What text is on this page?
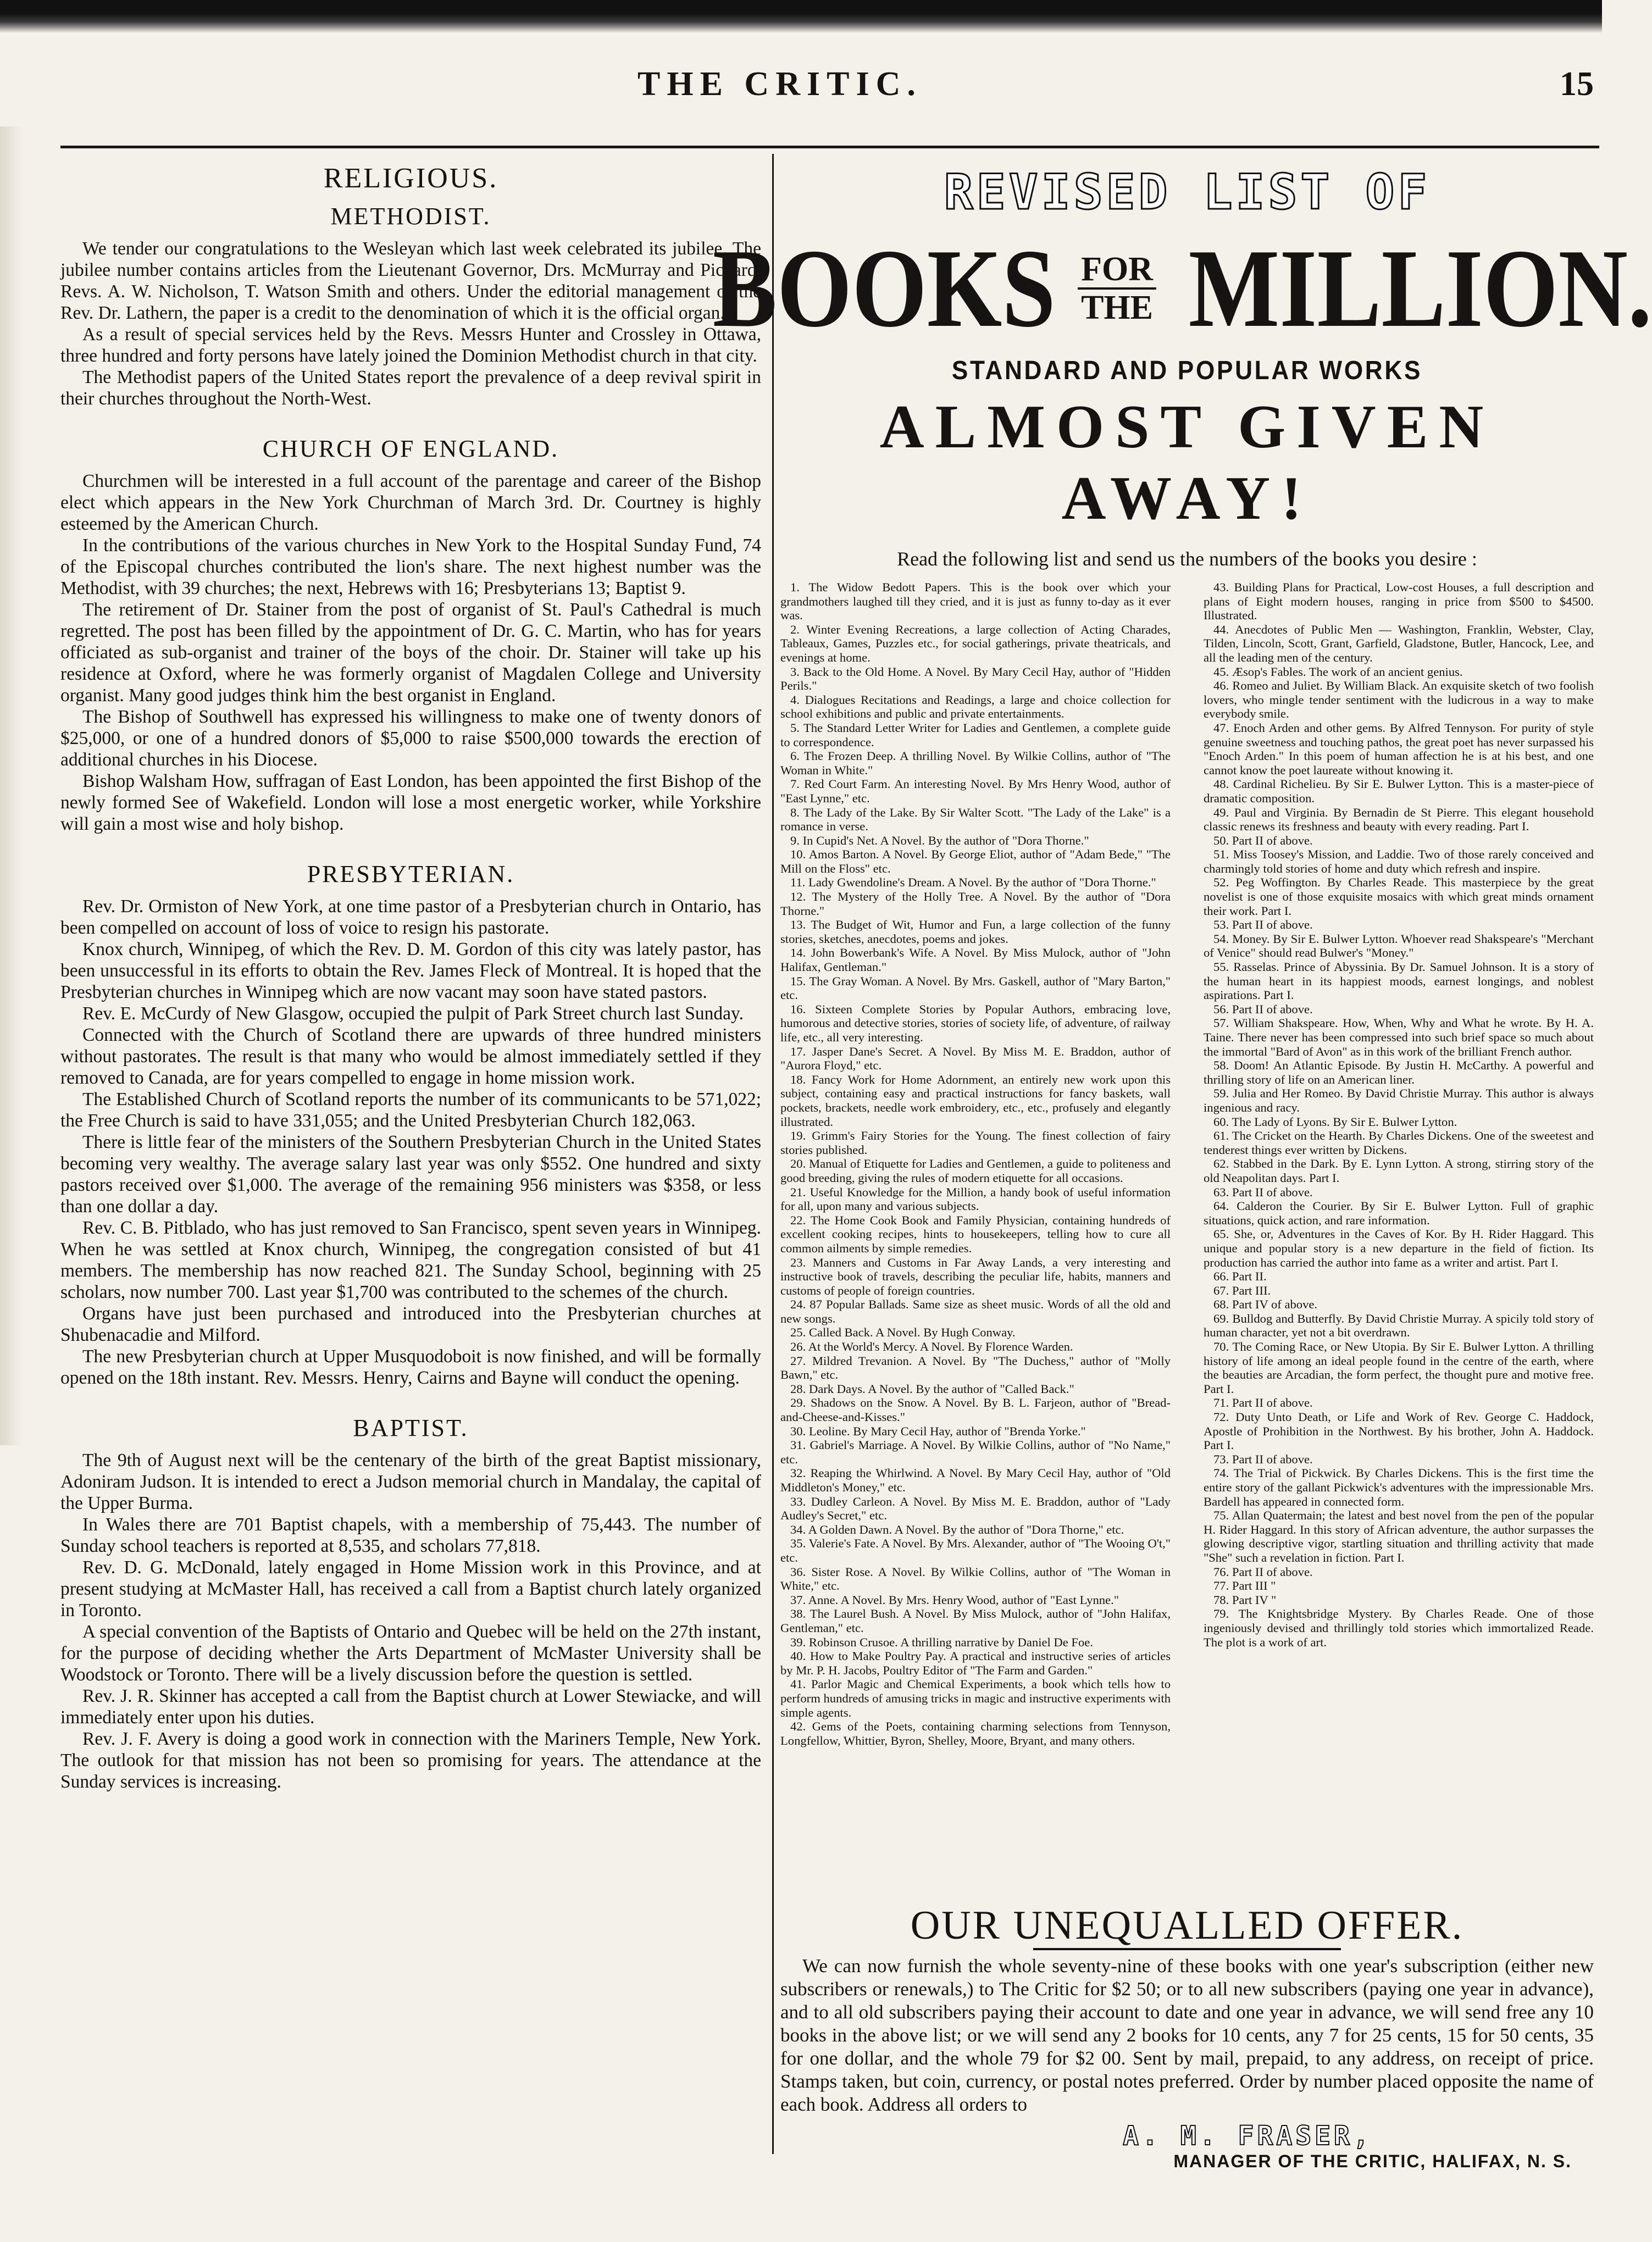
THE CRITIC.	15
RELIGIOUS.
METHODIST.

We tender our congratulations to the Wesleyan which last week celebrated its jubilee. The jubilee number contains articles from the Lieutenant Governor, Drs. McMurray and Pickard, Revs. A. W. Nicholson, T. Watson Smith and others. Under the editorial management of the Rev. Dr. Lathern, the paper is a credit to the denomination of which it is the official organ.

As a result of special services held by the Revs. Messrs Hunter and Crossley in Ottawa, three hundred and forty persons have lately joined the Dominion Methodist church in that city.

The Methodist papers of the United States report the prevalence of a deep revival spirit in their churches throughout the North-West.

CHURCH OF ENGLAND.

Churchmen will be interested in a full account of the parentage and career of the Bishop elect which appears in the New York Churchman of March 3rd. Dr. Courtney is highly esteemed by the American Church.

In the contributions of the various churches in New York to the Hospital Sunday Fund, 74 of the Episcopal churches contributed the lion's share. The next highest number was the Methodist, with 39 churches; the next, Hebrews with 16; Presbyterians 13; Baptist 9.

The retirement of Dr. Stainer from the post of organist of St. Paul's Cathedral is much regretted. The post has been filled by the appointment of Dr. G. C. Martin, who has for years officiated as sub-organist and trainer of the boys of the choir. Dr. Stainer will take up his residence at Oxford, where he was formerly organist of Magdalen College and University organist. Many good judges think him the best organist in England.

The Bishop of Southwell has expressed his willingness to make one of twenty donors of $25,000, or one of a hundred donors of $5,000 to raise $500,000 towards the erection of additional churches in his Diocese.

Bishop Walsham How, suffragan of East London, has been appointed the first Bishop of the newly formed See of Wakefield. London will lose a most energetic worker, while Yorkshire will gain a most wise and holy bishop.

PRESBYTERIAN.

Rev. Dr. Ormiston of New York, at one time pastor of a Presbyterian church in Ontario, has been compelled on account of loss of voice to resign his pastorate.

Knox church, Winnipeg, of which the Rev. D. M. Gordon of this city was lately pastor, has been unsuccessful in its efforts to obtain the Rev. James Fleck of Montreal. It is hoped that the Presbyterian churches in Winnipeg which are now vacant may soon have stated pastors.

Rev. E. McCurdy of New Glasgow, occupied the pulpit of Park Street church last Sunday.

Connected with the Church of Scotland there are upwards of three hundred ministers without pastorates. The result is that many who would be almost immediately settled if they removed to Canada, are for years compelled to engage in home mission work.

The Established Church of Scotland reports the number of its communicants to be 571,022; the Free Church is said to have 331,055; and the United Presbyterian Church 182,063.

There is little fear of the ministers of the Southern Presbyterian Church in the United States becoming very wealthy. The average salary last year was only $552. One hundred and sixty pastors received over $1,000. The average of the remaining 956 ministers was $358, or less than one dollar a day.

Rev. C. B. Pitblado, who has just removed to San Francisco, spent seven years in Winnipeg. When he was settled at Knox church, Winnipeg, the congregation consisted of but 41 members. The membership has now reached 821. The Sunday School, beginning with 25 scholars, now number 700. Last year $1,700 was contributed to the schemes of the church.

Organs have just been purchased and introduced into the Presbyterian churches at Shubenacadie and Milford.

The new Presbyterian church at Upper Musquodoboit is now finished, and will be formally opened on the 18th instant. Rev. Messrs. Henry, Cairns and Bayne will conduct the opening.

BAPTIST.

The 9th of August next will be the centenary of the birth of the great Baptist missionary, Adoniram Judson. It is intended to erect a Judson memorial church in Mandalay, the capital of the Upper Burma.

In Wales there are 701 Baptist chapels, with a membership of 75,443. The number of Sunday school teachers is reported at 8,535, and scholars 77,818.

Rev. D. G. McDonald, lately engaged in Home Mission work in this Province, and at present studying at McMaster Hall, has received a call from a Baptist church lately organized in Toronto.

A special convention of the Baptists of Ontario and Quebec will be held on the 27th instant, for the purpose of deciding whether the Arts Department of McMaster University shall be Woodstock or Toronto. There will be a lively discussion before the question is settled.

Rev. J. R. Skinner has accepted a call from the Baptist church at Lower Stewiacke, and will immediately enter upon his duties.

Rev. J. F. Avery is doing a good work in connection with the Mariners Temple, New York. The outlook for that mission has not been so promising for years. The attendance at the Sunday services is increasing.

REVISED LIST OF
BOOKS FOR
THE MILLION.
STANDARD AND POPULAR WORKS
ALMOST GIVEN AWAY!
Read the following list and send us the numbers of the books you desire :

1. The Widow Bedott Papers. This is the book over which your grandmothers laughed till they cried, and it is just as funny to-day as it ever was.

2. Winter Evening Recreations, a large collection of Acting Charades, Tableaux, Games, Puzzles etc., for social gatherings, private theatricals, and evenings at home.

3. Back to the Old Home. A Novel. By Mary Cecil Hay, author of "Hidden Perils."

4. Dialogues Recitations and Readings, a large and choice collection for school exhibitions and public and private entertainments.

5. The Standard Letter Writer for Ladies and Gentlemen, a complete guide to correspondence.

6. The Frozen Deep. A thrilling Novel. By Wilkie Collins, author of "The Woman in White."

7. Red Court Farm. An interesting Novel. By Mrs Henry Wood, author of "East Lynne," etc.

8. The Lady of the Lake. By Sir Walter Scott. "The Lady of the Lake" is a romance in verse.

9. In Cupid's Net. A Novel. By the author of "Dora Thorne."

10. Amos Barton. A Novel. By George Eliot, author of "Adam Bede," "The Mill on the Floss" etc.

11. Lady Gwendoline's Dream. A Novel. By the author of "Dora Thorne."

12. The Mystery of the Holly Tree. A Novel. By the author of "Dora Thorne."

13. The Budget of Wit, Humor and Fun, a large collection of the funny stories, sketches, anecdotes, poems and jokes.

14. John Bowerbank's Wife. A Novel. By Miss Mulock, author of "John Halifax, Gentleman."

15. The Gray Woman. A Novel. By Mrs. Gaskell, author of "Mary Barton," etc.

16. Sixteen Complete Stories by Popular Authors, embracing love, humorous and detective stories, stories of society life, of adventure, of railway life, etc., all very interesting.

17. Jasper Dane's Secret. A Novel. By Miss M. E. Braddon, author of "Aurora Floyd," etc.

18. Fancy Work for Home Adornment, an entirely new work upon this subject, containing easy and practical instructions for fancy baskets, wall pockets, brackets, needle work embroidery, etc., etc., profusely and elegantly illustrated.

19. Grimm's Fairy Stories for the Young. The finest collection of fairy stories published.

20. Manual of Etiquette for Ladies and Gentlemen, a guide to politeness and good breeding, giving the rules of modern etiquette for all occasions.

21. Useful Knowledge for the Million, a handy book of useful information for all, upon many and various subjects.

22. The Home Cook Book and Family Physician, containing hundreds of excellent cooking recipes, hints to housekeepers, telling how to cure all common ailments by simple remedies.

23. Manners and Customs in Far Away Lands, a very interesting and instructive book of travels, describing the peculiar life, habits, manners and customs of people of foreign countries.

24. 87 Popular Ballads. Same size as sheet music. Words of all the old and new songs.

25. Called Back. A Novel. By Hugh Conway.

26. At the World's Mercy. A Novel. By Florence Warden.

27. Mildred Trevanion. A Novel. By "The Duchess," author of "Molly Bawn," etc.

28. Dark Days. A Novel. By the author of "Called Back."

29. Shadows on the Snow. A Novel. By B. L. Farjeon, author of "Bread-and-Cheese-and-Kisses."

30. Leoline. By Mary Cecil Hay, author of "Brenda Yorke."

31. Gabriel's Marriage. A Novel. By Wilkie Collins, author of "No Name," etc.

32. Reaping the Whirlwind. A Novel. By Mary Cecil Hay, author of "Old Middleton's Money," etc.

33. Dudley Carleon. A Novel. By Miss M. E. Braddon, author of "Lady Audley's Secret," etc.

34. A Golden Dawn. A Novel. By the author of "Dora Thorne," etc.

35. Valerie's Fate. A Novel. By Mrs. Alexander, author of "The Wooing O't," etc.

36. Sister Rose. A Novel. By Wilkie Collins, author of "The Woman in White," etc.

37. Anne. A Novel. By Mrs. Henry Wood, author of "East Lynne."

38. The Laurel Bush. A Novel. By Miss Mulock, author of "John Halifax, Gentleman," etc.

39. Robinson Crusoe. A thrilling narrative by Daniel De Foe.

40. How to Make Poultry Pay. A practical and instructive series of articles by Mr. P. H. Jacobs, Poultry Editor of "The Farm and Garden."

41. Parlor Magic and Chemical Experiments, a book which tells how to perform hundreds of amusing tricks in magic and instructive experiments with simple agents.

42. Gems of the Poets, containing charming selections from Tennyson, Longfellow, Whittier, Byron, Shelley, Moore, Bryant, and many others.

43. Building Plans for Practical, Low-cost Houses, a full description and plans of Eight modern houses, ranging in price from $500 to $4500. Illustrated.

44. Anecdotes of Public Men — Washington, Franklin, Webster, Clay, Tilden, Lincoln, Scott, Grant, Garfield, Gladstone, Butler, Hancock, Lee, and all the leading men of the century.

45. Æsop's Fables. The work of an ancient genius.

46. Romeo and Juliet. By William Black. An exquisite sketch of two foolish lovers, who mingle tender sentiment with the ludicrous in a way to make everybody smile.

47. Enoch Arden and other gems. By Alfred Tennyson. For purity of style genuine sweetness and touching pathos, the great poet has never surpassed his "Enoch Arden." In this poem of human affection he is at his best, and one cannot know the poet laureate without knowing it.

48. Cardinal Richelieu. By Sir E. Bulwer Lytton. This is a master-piece of dramatic composition.

49. Paul and Virginia. By Bernadin de St Pierre. This elegant household classic renews its freshness and beauty with every reading. Part I.

50. Part II of above.

51. Miss Toosey's Mission, and Laddie. Two of those rarely conceived and charmingly told stories of home and duty which refresh and inspire.

52. Peg Woffington. By Charles Reade. This masterpiece by the great novelist is one of those exquisite mosaics with which great minds ornament their work. Part I.

53. Part II of above.

54. Money. By Sir E. Bulwer Lytton. Whoever read Shakspeare's "Merchant of Venice" should read Bulwer's "Money."

55. Rasselas. Prince of Abyssinia. By Dr. Samuel Johnson. It is a story of the human heart in its happiest moods, earnest longings, and noblest aspirations. Part I.

56. Part II of above.

57. William Shakspeare. How, When, Why and What he wrote. By H. A. Taine. There never has been compressed into such brief space so much about the immortal "Bard of Avon" as in this work of the brilliant French author.

58. Doom! An Atlantic Episode. By Justin H. McCarthy. A powerful and thrilling story of life on an American liner.

59. Julia and Her Romeo. By David Christie Murray. This author is always ingenious and racy.

60. The Lady of Lyons. By Sir E. Bulwer Lytton.

61. The Cricket on the Hearth. By Charles Dickens. One of the sweetest and tenderest things ever written by Dickens.

62. Stabbed in the Dark. By E. Lynn Lytton. A strong, stirring story of the old Neapolitan days. Part I.

63. Part II of above.

64. Calderon the Courier. By Sir E. Bulwer Lytton. Full of graphic situations, quick action, and rare information.

65. She, or, Adventures in the Caves of Kor. By H. Rider Haggard. This unique and popular story is a new departure in the field of fiction. Its production has carried the author into fame as a writer and artist. Part I.

66. Part II.

67. Part III.

68. Part IV of above.

69. Bulldog and Butterfly. By David Christie Murray. A spicily told story of human character, yet not a bit overdrawn.

70. The Coming Race, or New Utopia. By Sir E. Bulwer Lytton. A thrilling history of life among an ideal people found in the centre of the earth, where the beauties are Arcadian, the form perfect, the thought pure and motive free. Part I.

71. Part II of above.

72. Duty Unto Death, or Life and Work of Rev. George C. Haddock, Apostle of Prohibition in the Northwest. By his brother, John A. Haddock. Part I.

73. Part II of above.

74. The Trial of Pickwick. By Charles Dickens. This is the first time the entire story of the gallant Pickwick's adventures with the impressionable Mrs. Bardell has appeared in connected form.

75. Allan Quatermain; the latest and best novel from the pen of the popular H. Rider Haggard. In this story of African adventure, the author surpasses the glowing descriptive vigor, startling situation and thrilling activity that made "She" such a revelation in fiction. Part I.

76. Part II of above.

77. Part III "

78. Part IV "

79. The Knightsbridge Mystery. By Charles Reade. One of those ingeniously devised and thrillingly told stories which immortalized Reade. The plot is a work of art.

OUR UNEQUALLED OFFER.

We can now furnish the whole seventy-nine of these books with one year's subscription (either new subscribers or renewals,) to The Critic for $2 50; or to all new subscribers (paying one year in advance), and to all old subscribers paying their account to date and one year in advance, we will send free any 10 books in the above list; or we will send any 2 books for 10 cents, any 7 for 25 cents, 15 for 50 cents, 35 for one dollar, and the whole 79 for $2 00. Sent by mail, prepaid, to any address, on receipt of price. Stamps taken, but coin, currency, or postal notes preferred. Order by number placed opposite the name of each book. Address all orders to

A. M. FRASER,
MANAGER OF THE CRITIC, HALIFAX, N. S.
